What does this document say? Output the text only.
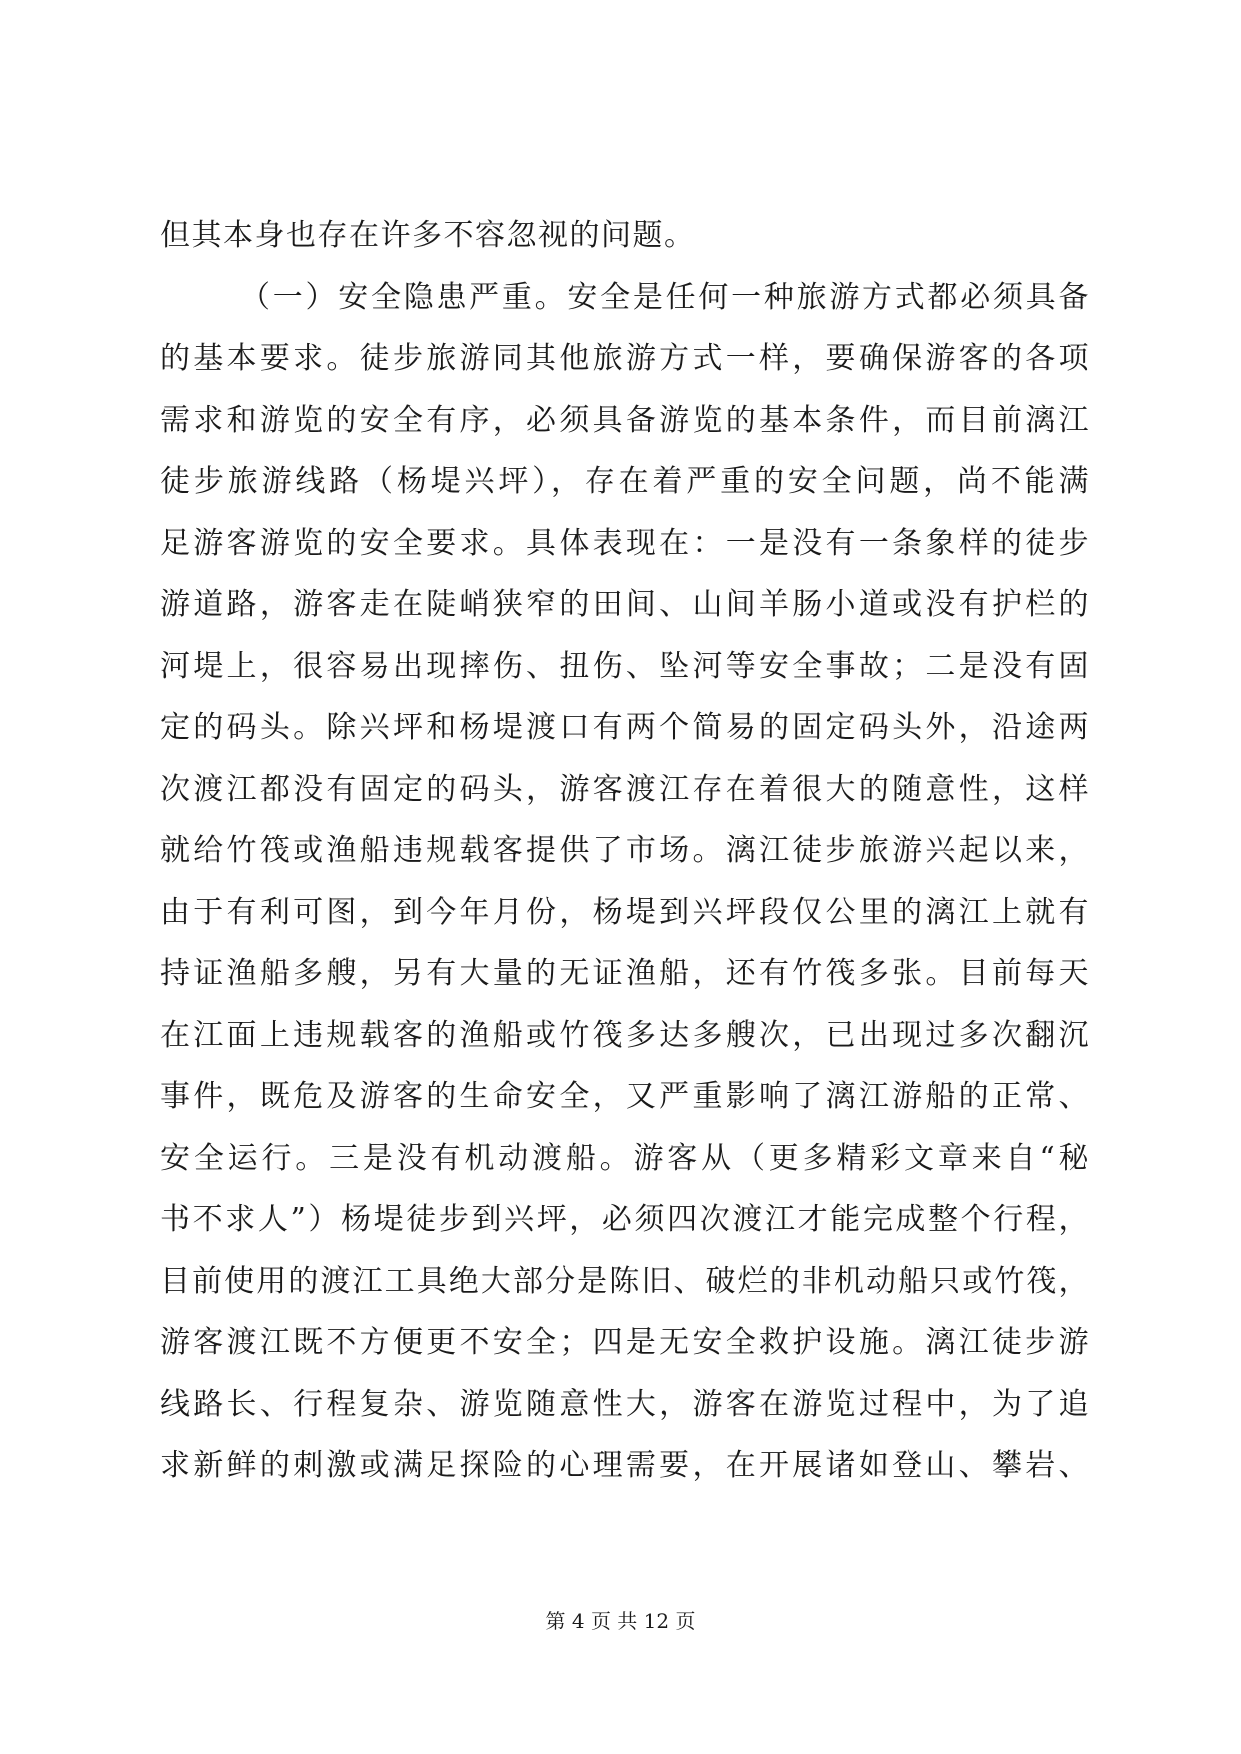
但其本身也存在许多不容忽视的问题。
（一）安全隐患严重。安全是任何一种旅游方式都必须具备
的基本要求。徒步旅游同其他旅游方式一样，要确保游客的各项
需求和游览的安全有序，必须具备游览的基本条件，而目前漓江
徒步旅游线路（杨堤兴坪），存在着严重的安全问题，尚不能满
足游客游览的安全要求。具体表现在：一是没有一条象样的徒步
游道路，游客走在陡峭狭窄的田间、山间羊肠小道或没有护栏的
河堤上，很容易出现摔伤、扭伤、坠河等安全事故；二是没有固
定的码头。除兴坪和杨堤渡口有两个简易的固定码头外，沿途两
次渡江都没有固定的码头，游客渡江存在着很大的随意性，这样
就给竹筏或渔船违规载客提供了市场。漓江徒步旅游兴起以来，
由于有利可图，到今年月份，杨堤到兴坪段仅公里的漓江上就有
持证渔船多艘，另有大量的无证渔船，还有竹筏多张。目前每天
在江面上违规载客的渔船或竹筏多达多艘次，已出现过多次翻沉
事件，既危及游客的生命安全，又严重影响了漓江游船的正常、
安全运行。三是没有机动渡船。游客从（更多精彩文章来自“秘
书不求人”）杨堤徒步到兴坪，必须四次渡江才能完成整个行程，
目前使用的渡江工具绝大部分是陈旧、破烂的非机动船只或竹筏，
游客渡江既不方便更不安全；四是无安全救护设施。漓江徒步游
线路长、行程复杂、游览随意性大，游客在游览过程中，为了追
求新鲜的刺激或满足探险的心理需要，在开展诸如登山、攀岩、
第 4 页 共 12 页
